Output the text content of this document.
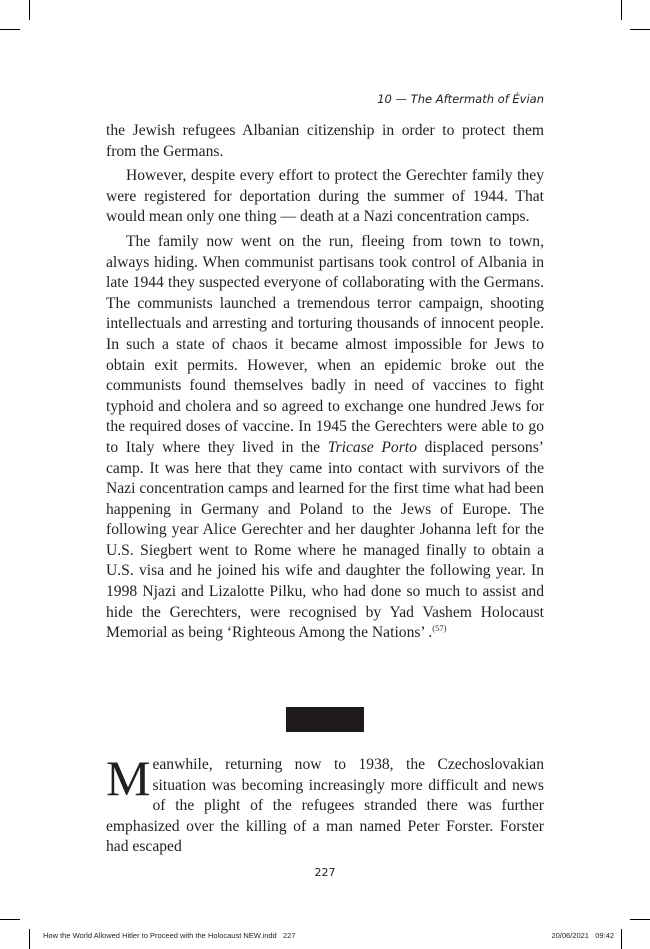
10 — The Aftermath of Évian

the Jewish refugees Albanian citizenship in order to protect them from the Germans.

However, despite every effort to protect the Gerechter family they were registered for deportation during the summer of 1944. That would mean only one thing — death at a Nazi concentration camps.

The family now went on the run, fleeing from town to town, always hiding. When communist partisans took control of Albania in late 1944 they suspected everyone of collaborating with the Germans. The communists launched a tremendous terror campaign, shooting intellectuals and arresting and torturing thousands of innocent people. In such a state of chaos it became almost impossible for Jews to obtain exit permits. However, when an epidemic broke out the communists found themselves badly in need of vaccines to fight typhoid and cholera and so agreed to exchange one hundred Jews for the required doses of vaccine. In 1945 the Gerechters were able to go to Italy where they lived in the Tricase Porto displaced persons’ camp. It was here that they came into contact with survivors of the Nazi concentration camps and learned for the first time what had been happening in Germany and Poland to the Jews of Europe. The following year Alice Gerechter and her daughter Johanna left for the U.S. Siegbert went to Rome where he managed finally to obtain a U.S. visa and he joined his wife and daughter the following year. In 1998 Njazi and Lizalotte Pilku, who had done so much to assist and hide the Gerechters, were recognised by Yad Vashem Holocaust Memorial as being ‘Righteous Among the Nations’ .$^{(57)}$

Meanwhile, returning now to 1938, the Czechoslovakian situation was becoming increasingly more difficult and news of the plight of the refugees stranded there was further emphasized over the killing of a man named Peter Forster. Forster had escaped

227
How the World Allowed Hitler to Proceed with the Holocaust NEW.indd   227	20/06/2021   09:42
